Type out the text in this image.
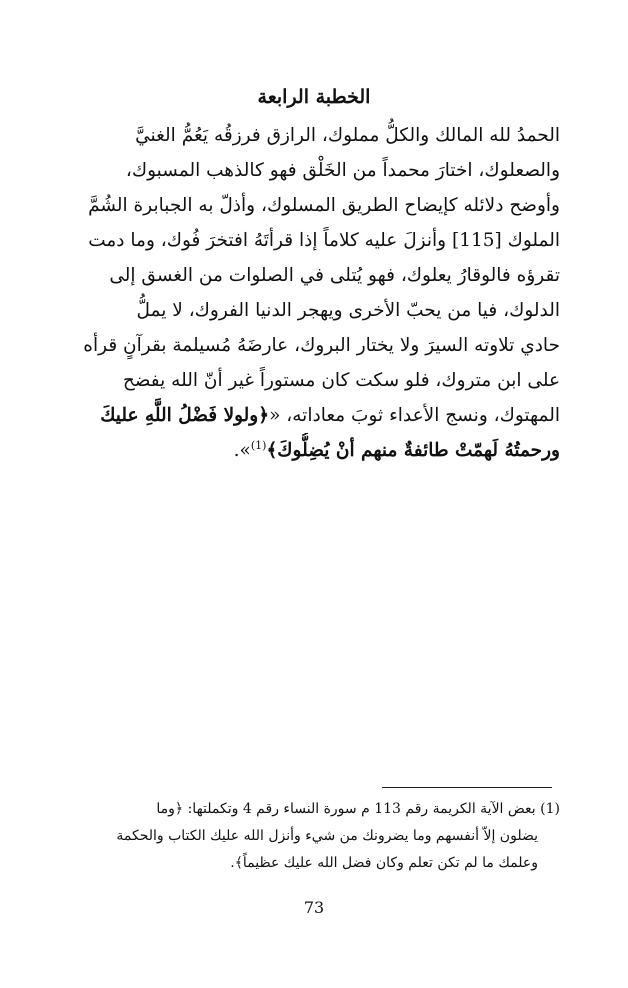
الخطبة الرابعة
الحمدُ لله المالك والكلُّ مملوك، الرازق فرزقُه يَعُمُّ الغنيَّ
والصعلوك، اختارَ محمداً من الخَلْق فهو كالذهب المسبوك،
وأوضح دلائله كإيضاح الطريق المسلوك، وأذلّ به الجبابرة الشُمَّ
الملوك [115] وأنزلَ عليه كلاماً إذا قرأتَهُ افتخرَ فُوك، وما دمت
تقرؤه فالوقارُ يعلوك، فهو يُتلى في الصلوات من الغسق إلى
الدلوك، فيا من يحبّ الأخرى ويهجر الدنيا الفروك، لا يملُّ
حادي تلاوته السيرَ ولا يختار البروك، عارضَهُ مُسيلمة بقرآنٍ قرأه
على ابن متروك، فلو سكت كان مستوراً غير أنّ الله يفضح
المهتوك، ونسج الأعداء ثوبَ معاداته، «﴿ولولا فَضْلُ اللَّهِ عليكَ
ورحمتُهُ لَهمّتْ طائفةٌ منهم أنْ يُضِلُّوكَ﴾$^{(1)}$».
(1) بعض الآية الكريمة رقم 113 م سورة النساء رقم 4 وتكملتها: ﴿وما
يضلون إلاّ أنفسهم وما يضرونك من شيء وأنزل الله عليك الكتاب والحكمة
وعلمك ما لم تكن تعلم وكان فضل الله عليك عظيماً﴾.
73
